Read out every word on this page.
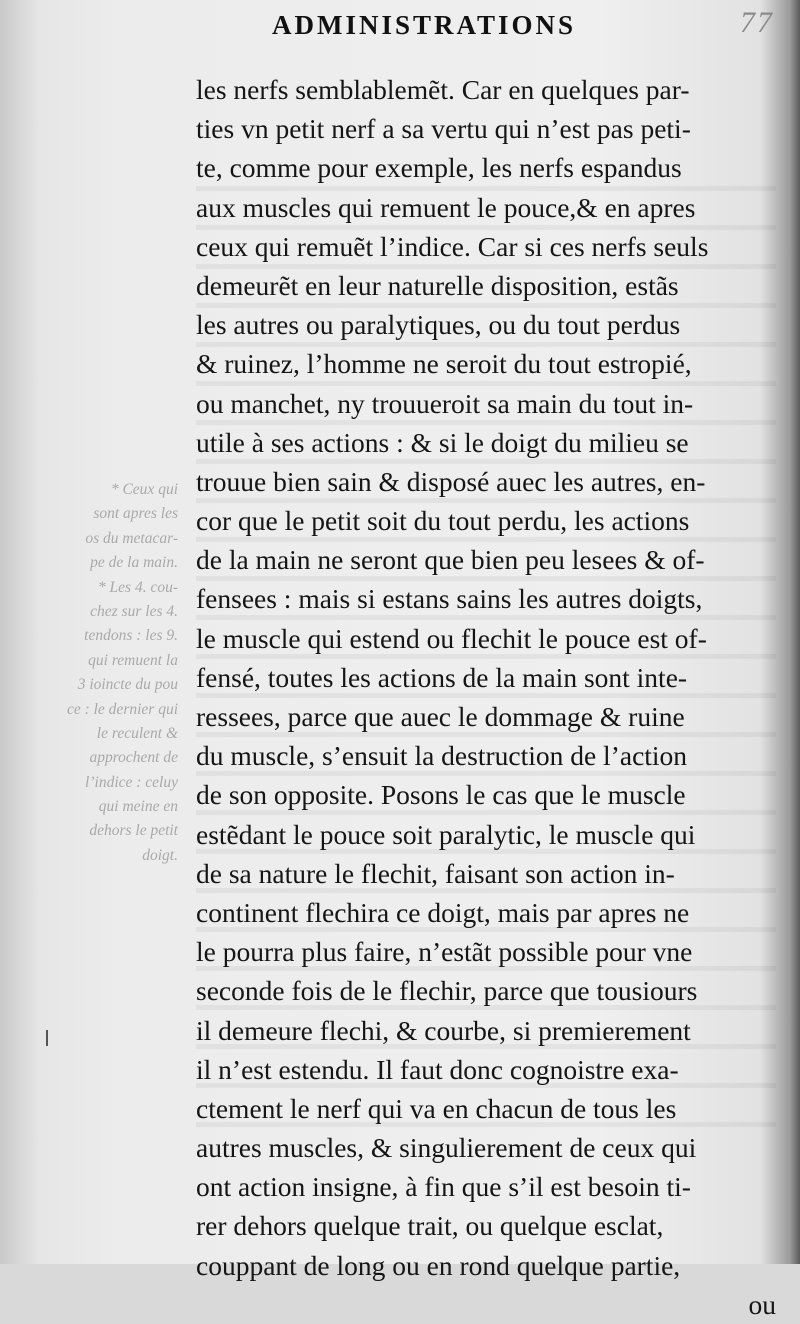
77
ADMINISTRATIONS
* Ceux qui
sont apres les
os du metacar-
pe de la main.
* Les 4. cou-
chez sur les 4.
tendons : les 9.
qui remuent la
3 ioincte du pou
ce : le dernier qui
le reculent &
approchent de
l’indice : celuy
qui meine en
dehors le petit
doigt.
les nerfs semblablemẽt. Car en quelques par-
ties vn petit nerf a sa vertu qui n’est pas peti-
te, comme pour exemple, les nerfs espandus
aux muscles qui remuent le pouce,& en apres
ceux qui remuẽt l’indice. Car si ces nerfs seuls
demeurẽt en leur naturelle disposition, estãs
les autres ou paralytiques, ou du tout perdus
& ruinez, l’homme ne seroit du tout estropié,
ou manchet, ny trouueroit sa main du tout in-
utile à ses actions : & si le doigt du milieu se
trouue bien sain & disposé auec les autres, en-
cor que le petit soit du tout perdu, les actions
de la main ne seront que bien peu lesees & of-
fensees : mais si estans sains les autres doigts,
le muscle qui estend ou flechit le pouce est of-
fensé, toutes les actions de la main sont inte-
ressees, parce que auec le dommage & ruine
du muscle, s’ensuit la destruction de l’action
de son opposite. Posons le cas que le muscle
estẽdant le pouce soit paralytic, le muscle qui
de sa nature le flechit, faisant son action in-
continent flechira ce doigt, mais par apres ne
le pourra plus faire, n’estãt possible pour vne
seconde fois de le flechir, parce que tousiours
il demeure flechi, & courbe, si premierement
il n’est estendu. Il faut donc cognoistre exa-
ctement le nerf qui va en chacun de tous les
autres muscles, & singulierement de ceux qui
ont action insigne, à fin que s’il est besoin ti-
rer dehors quelque trait, ou quelque esclat,
couppant de long ou en rond quelque partie,
ou
